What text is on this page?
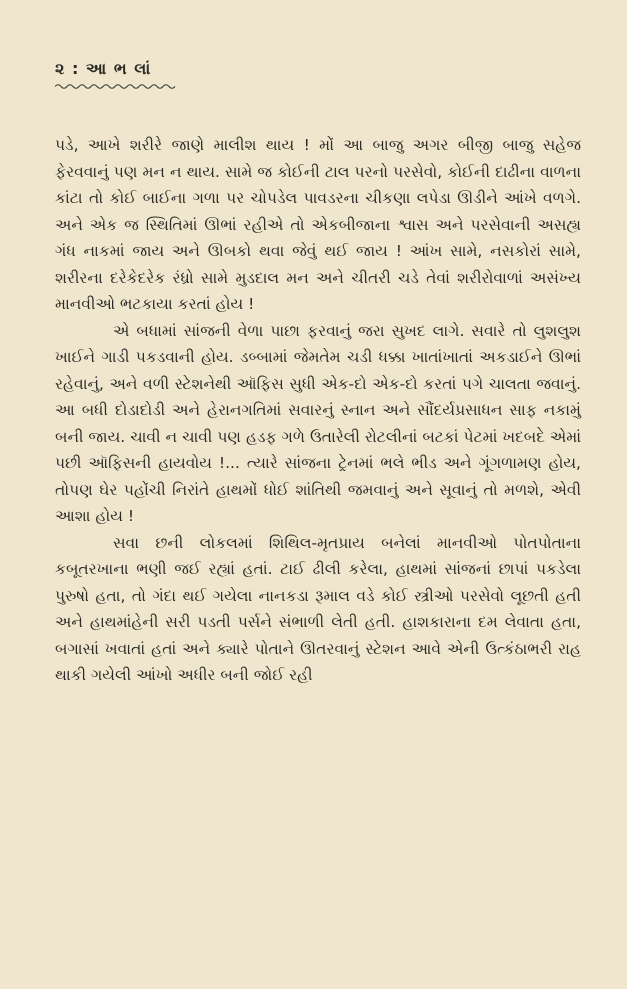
૨ : આ ભ લાં

પડે, આખે શરીરે જાણે માલીશ થાય ! મોં આ બાજુ અગર બીજી બાજુ સહેજ ફેરવવાનું પણ મન ન થાય. સામે જ કોઈની ટાલ પરનો પરસેવો, કોઈની દાઢીના વાળના કાંટા તો કોઈ બાઈના ગળા પર ચોપડેલ પાવડરના ચીકણા લપેડા ઊડીને આંખે વળગે. અને એક જ સ્થિતિમાં ઊભાં રહીએ તો એકબીજાના શ્વાસ અને પરસેવાની અસહ્ય ગંધ નાકમાં જાય અને ઊબકો થવા જેવું થઈ જાય ! આંખ સામે, નસકોરાં સામે, શરીરના દરેકેદરેક રંધ્રો સામે મુડદાલ મન અને ચીતરી ચડે તેવાં શરીરોવાળાં અસંખ્ય માનવીઓ ભટકાયા કરતાં હોય !

એ બધામાં સાંજની વેળા પાછા ફરવાનું જરા સુખદ લાગે. સવારે તો લુશલુશ ખાઈને ગાડી પકડવાની હોય. ડબ્બામાં જેમતેમ ચડી ધક્કા ખાતાંખાતાં અકડાઈને ઊભાં રહેવાનું, અને વળી સ્ટેશનેથી ઑફિસ સુધી એક-દો એક-દો કરતાં પગે ચાલતા જવાનું. આ બધી દોડાદોડી અને હેરાનગતિમાં સવારનું સ્નાન અને સૌંદર્યપ્રસાધન સાફ નકામું બની જાય. ચાવી ન ચાવી પણ હડફ ગળે ઉતારેલી રોટલીનાં બટકાં પેટમાં ખદબદે એમાં પછી ઑફિસની હાયવોય !... ત્યારે સાંજના ટ્રેનમાં ભલે ભીડ અને ગૂંગળામણ હોય, તોપણ ઘેર પહોંચી નિરાંતે હાથમોં ધોઈ શાંતિથી જમવાનું અને સૂવાનું તો મળશે, એવી આશા હોય !

સવા છની લોકલમાં શિથિલ-મૃતપ્રાય બનેલાં માનવીઓ પોતપોતાના કબૂતરખાના ભણી જઈ રહ્યાં હતાં. ટાઈ ઢીલી કરેલા, હાથમાં સાંજનાં છાપાં પકડેલા પુરુષો હતા, તો ગંદા થઈ ગયેલા નાનકડા રૂમાલ વડે કોઈ સ્ત્રીઓ પરસેવો લૂછતી હતી અને હાથમાંહેની સરી પડતી પર્સને સંભાળી લેતી હતી. હાશકારાના દમ લેવાતા હતા, બગાસાં ખવાતાં હતાં અને ક્યારે પોતાને ઊતરવાનું સ્ટેશન આવે એની ઉત્કંઠાભરી રાહ થાકી ગયેલી આંખો અધીર બની જોઈ રહી
